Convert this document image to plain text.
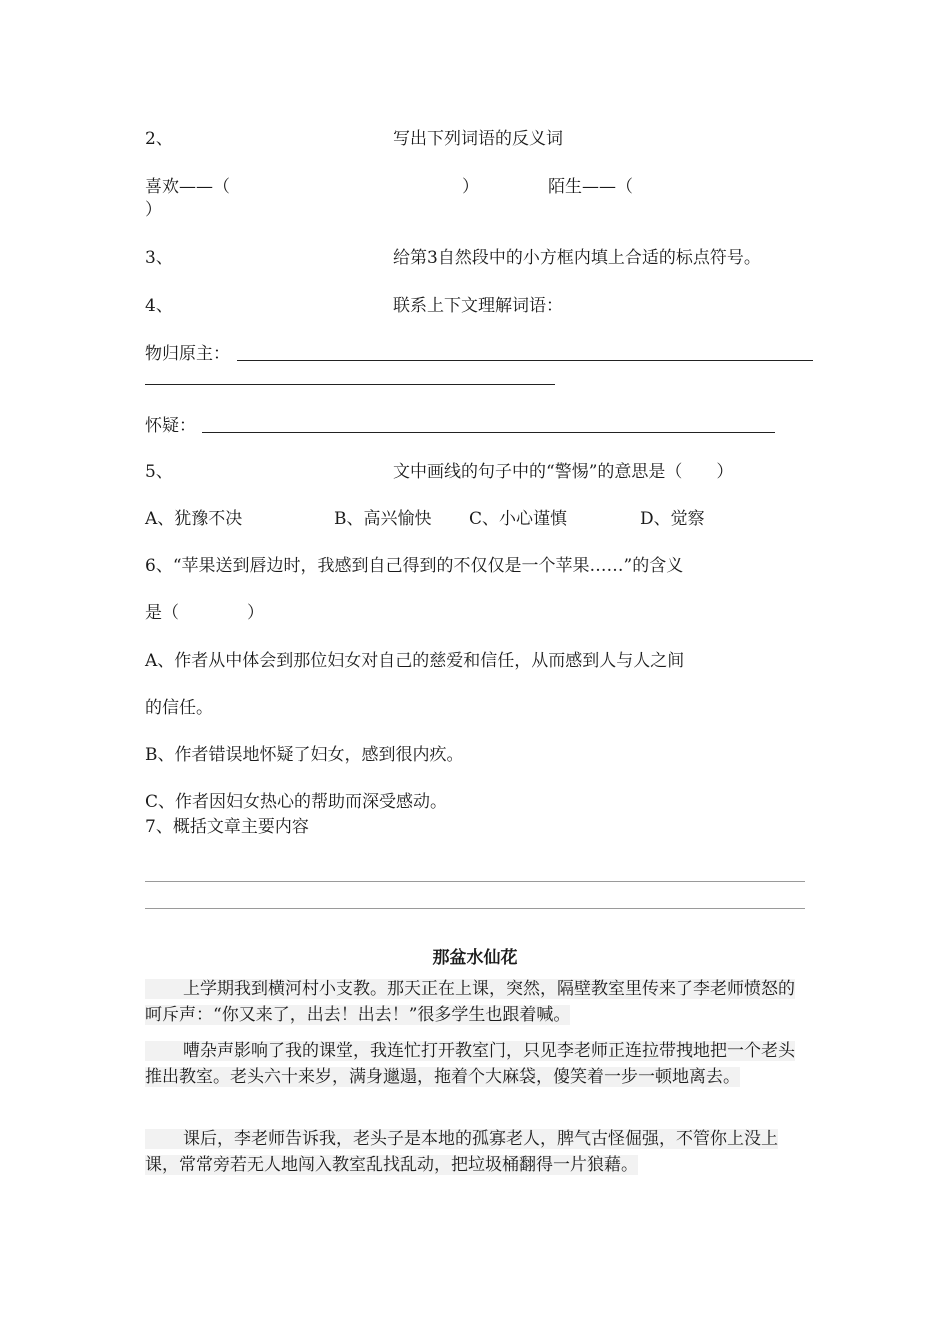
2、	写出下列词语的反义词
喜欢——（	）	陌生——（
）
3、	给第3自然段中的小方框内填上合适的标点符号。
4、	联系上下文理解词语：
物归原主：
怀疑：
5、	文中画线的句子中的“警惕”的意思是（　　）
A、犹豫不决	B、高兴愉快 C、小心谨慎	D、觉察
6、“苹果送到唇边时，我感到自己得到的不仅仅是一个苹果……”的含义
是（　　　　）
A、作者从中体会到那位妇女对自己的慈爱和信任，从而感到人与人之间
的信任。
B、作者错误地怀疑了妇女，感到很内疚。
C、作者因妇女热心的帮助而深受感动。
7、概括文章主要内容
那盆水仙花
上学期我到横河村小支教。那天正在上课，突然，隔壁教室里传来了李老师愤怒的呵斥声：“你又来了，出去！出去！”很多学生也跟着喊。
嘈杂声影响了我的课堂，我连忙打开教室门，只见李老师正连拉带拽地把一个老头推出教室。老头六十来岁，满身邋遢，拖着个大麻袋，傻笑着一步一顿地离去。
课后，李老师告诉我，老头子是本地的孤寡老人，脾气古怪倔强，不管你上没上课，常常旁若无人地闯入教室乱找乱动，把垃圾桶翻得一片狼藉。
